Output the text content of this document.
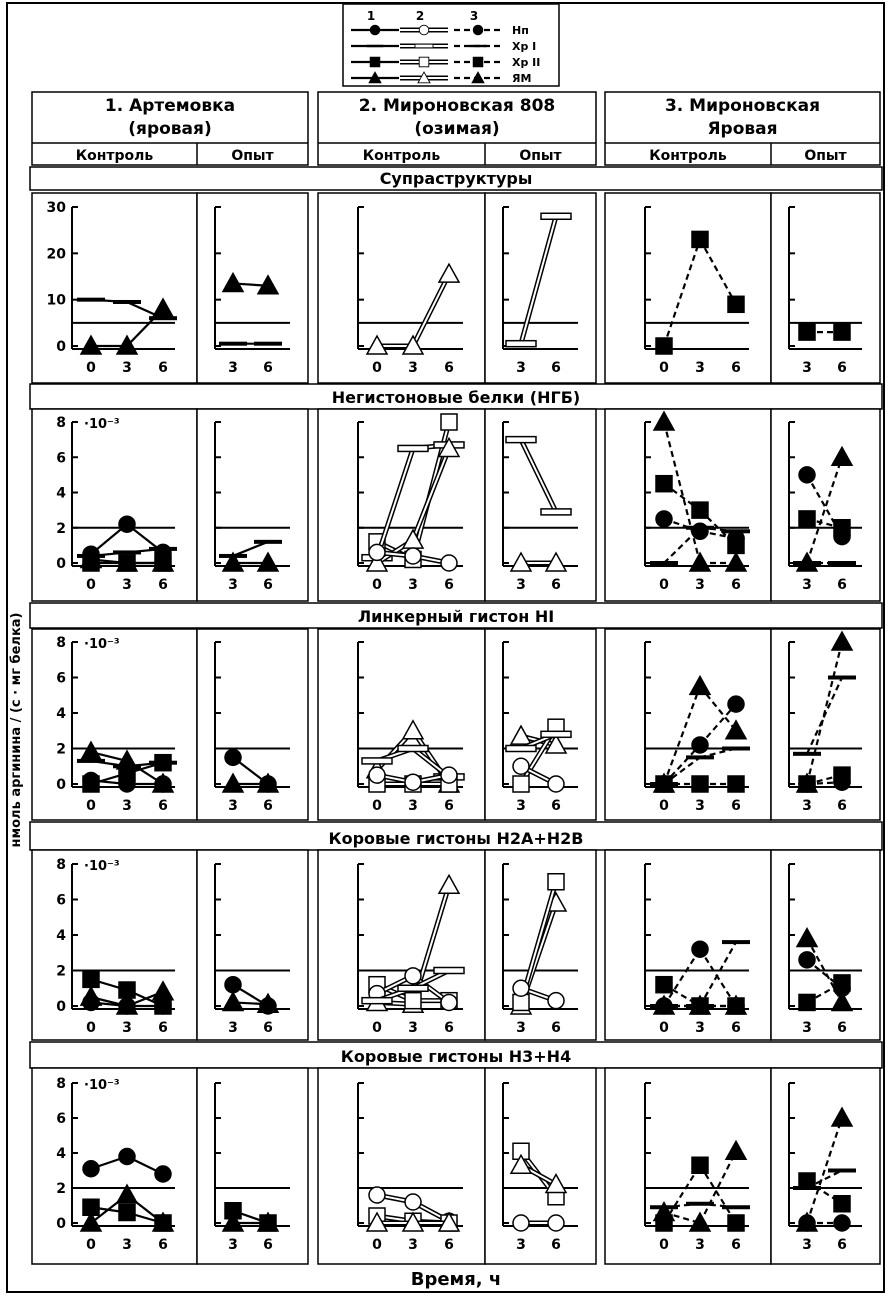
1	2	3
Нп
Хр I
Хр II
ЯМ
1. Артемовка (яровая)
Контроль	Опыт
2. Мироновская 808 (озимая)
Контроль	Опыт
3. Мироновская Яровая
Контроль	Опыт
Супраструктуры
0
10
20
30
0 3 6	3 6	0 3 6	3 6	0 3 6	3 6
Негистоновые белки (НГБ)
0
2
4
6
8 ·10⁻³
0 3 6	3 6	0 3 6	3 6	0 3 6	3 6
Линкерный гистон HI
0
2
4
6
8 ·10⁻³
0 3 6	3 6	0 3 6	3 6	0 3 6	3 6
Коровые гистоны H2A+H2B
0
2
4
6
8 ·10⁻³
0 3 6	3 6	0 3 6	3 6	0 3 6	3 6
Коровые гистоны H3+H4
0
2
4
6
8 ·10⁻³
0 3 6	3 6	0 3 6	3 6	0 3 6	3 6
нмоль аргинина / (с · мг белка)
Время, ч
